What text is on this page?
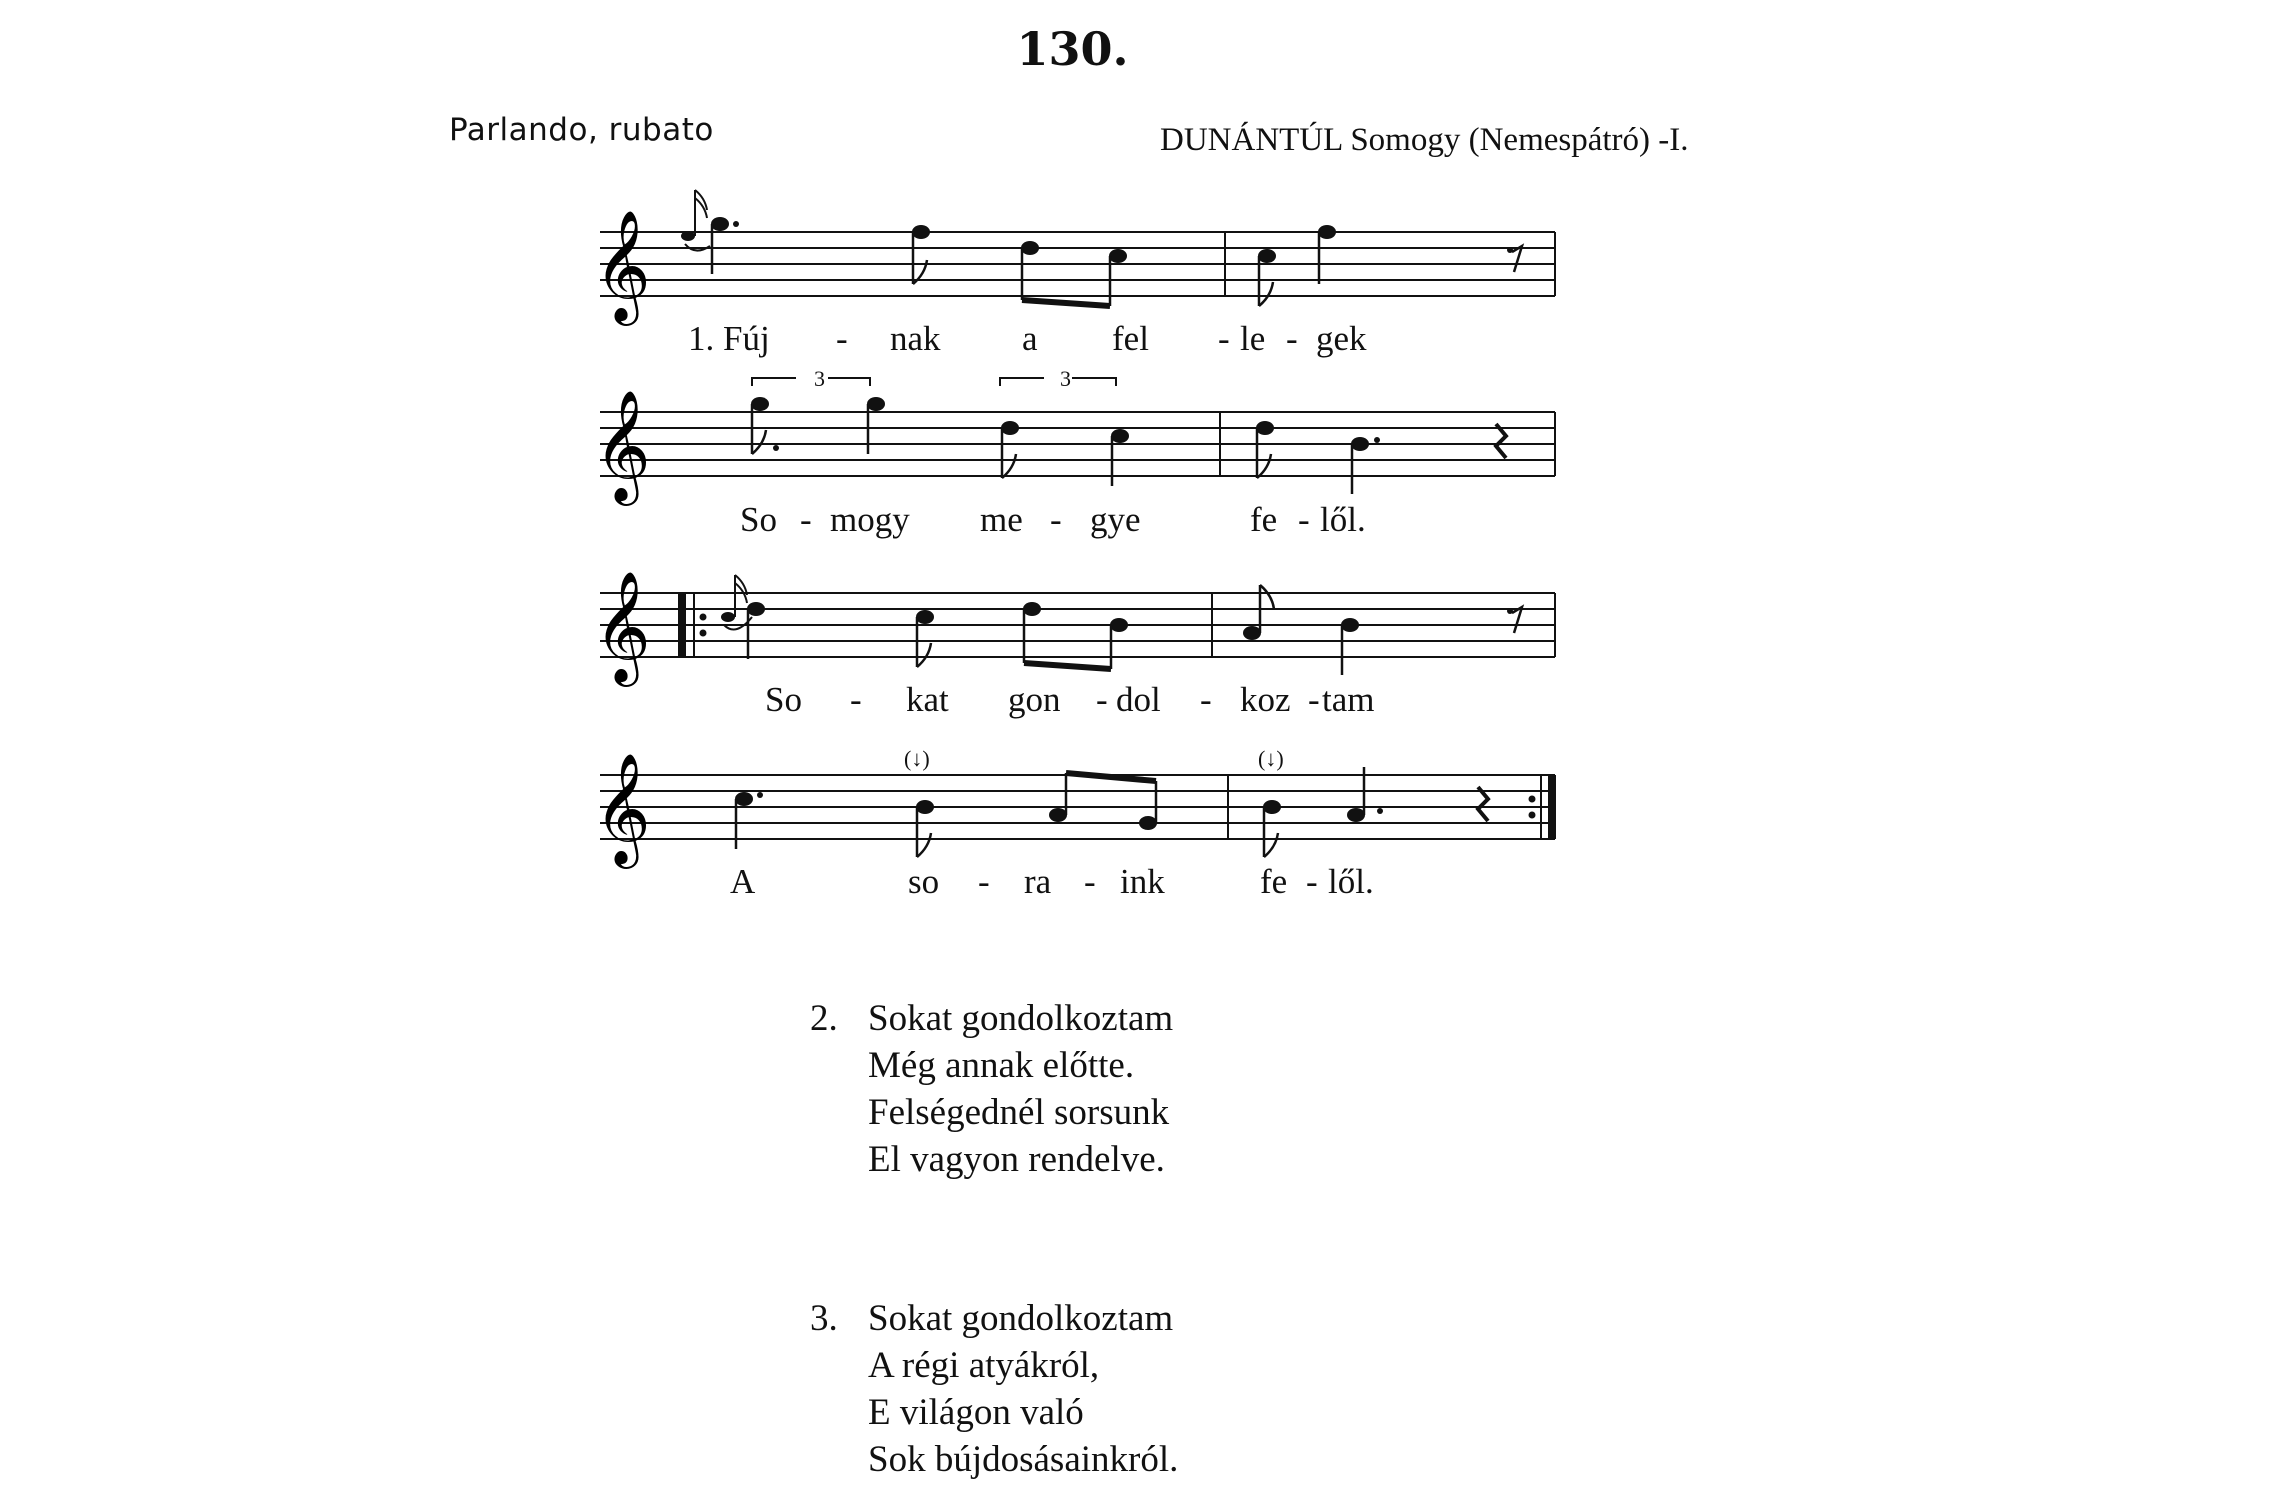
130.
Parlando, rubato	DUNÁNTÚL Somogy (Nemespátró) -I.
𝄞
1. Fúj - nak a fel - le - gek
𝄞
3	3
So - mogy me - gye	fe - lől.
𝄞
So - kat gon - dol - koz - tam
𝄞	(↓)	(↓)
A	so - ra - ink	fe - lől.
2. Sokat gondolkoztam
Még annak előtte.
Felségednél sorsunk
El vagyon rendelve.
3. Sokat gondolkoztam
A régi atyákról,
E világon való
Sok bújdosásainkról.
